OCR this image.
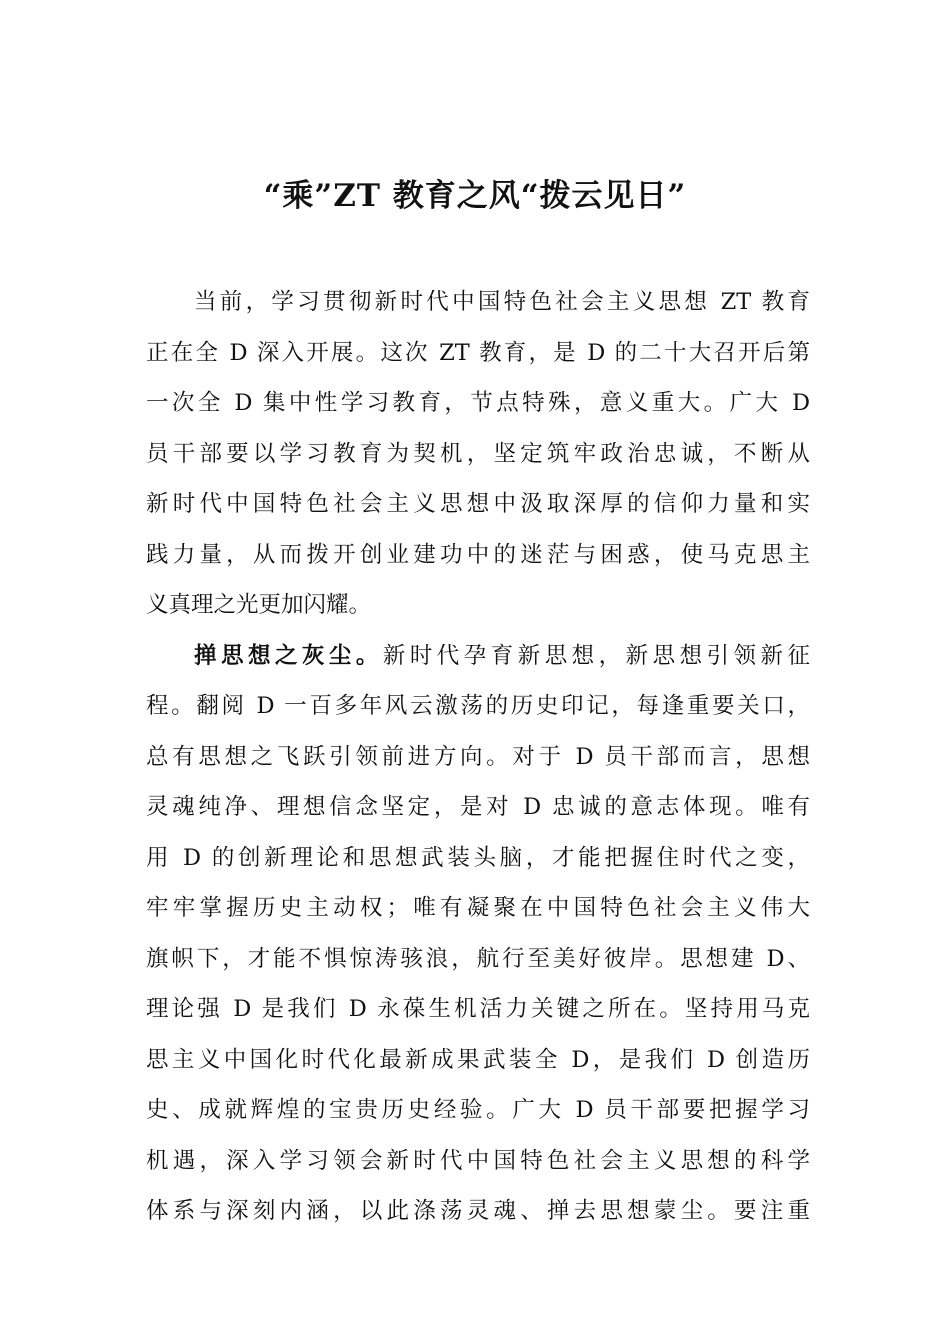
“乘”ZT 教育之风“拨云见日”
当前，学习贯彻新时代中国特色社会主义思想 ZT 教育
正在全 D 深入开展。这次 ZT 教育，是 D 的二十大召开后第
一次全 D 集中性学习教育，节点特殊，意义重大。广大 D
员干部要以学习教育为契机，坚定筑牢政治忠诚，不断从
新时代中国特色社会主义思想中汲取深厚的信仰力量和实
践力量，从而拨开创业建功中的迷茫与困惑，使马克思主
义真理之光更加闪耀。
掸思想之灰尘。新时代孕育新思想，新思想引领新征
程。翻阅 D 一百多年风云激荡的历史印记，每逢重要关口，
总有思想之飞跃引领前进方向。对于 D 员干部而言，思想
灵魂纯净、理想信念坚定，是对 D 忠诚的意志体现。唯有
用 D 的创新理论和思想武装头脑，才能把握住时代之变，
牢牢掌握历史主动权；唯有凝聚在中国特色社会主义伟大
旗帜下，才能不惧惊涛骇浪，航行至美好彼岸。思想建 D、
理论强 D 是我们 D 永葆生机活力关键之所在。坚持用马克
思主义中国化时代化最新成果武装全 D，是我们 D 创造历
史、成就辉煌的宝贵历史经验。广大 D 员干部要把握学习
机遇，深入学习领会新时代中国特色社会主义思想的科学
体系与深刻内涵，以此涤荡灵魂、掸去思想蒙尘。要注重
